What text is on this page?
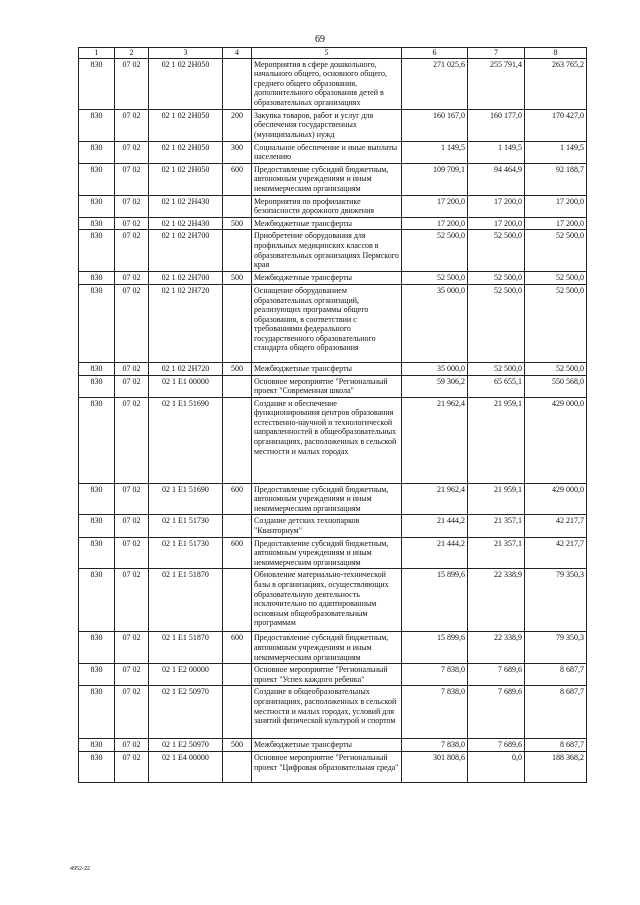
69
1	2	3	4	5	6	7	8
830	07 02	02 1 02 2Н050		Мероприятия в сфере дошкольного, начального общего, основного общего, среднего общего образования, дополнительного образования детей в образовательных организациях	271 025,6	255 791,4	263 765,2
830	07 02	02 1 02 2Н050	200	Закупка товаров, работ и услуг для обеспечения государственных (муниципальных) нужд	160 167,0	160 177,0	170 427,0
830	07 02	02 1 02 2Н050	300	Социальное обеспечение и иные выплаты населению	1 149,5	1 149,5	1 149,5
830	07 02	02 1 02 2Н050	600	Предоставление субсидий бюджетным, автономным учреждениям и иным некоммерческим организациям	109 709,1	94 464,9	92 188,7
830	07 02	02 1 02 2Н430		Мероприятия по профилактике безопасности дорожного движения	17 200,0	17 200,0	17 200,0
830	07 02	02 1 02 2Н430	500	Межбюджетные трансферты	17 200,0	17 200,0	17 200,0
830	07 02	02 1 02 2Н700		Приобретение оборудования для профильных медицинских классов в образовательных организациях Пермского края	52 500,0	52 500,0	52 500,0
830	07 02	02 1 02 2Н700	500	Межбюджетные трансферты	52 500,0	52 500,0	52 500,0
830	07 02	02 1 02 2Н720		Оснащение оборудованием образовательных организаций, реализующих программы общего образования, в соответствии с требованиями федерального государственного образовательного стандарта общего образования	35 000,0	52 500,0	52 500,0
830	07 02	02 1 02 2Н720	500	Межбюджетные трансферты	35 000,0	52 500,0	52 500,0
830	07 02	02 1 Е1 00000		Основное мероприятие "Региональный проект "Современная школа"	59 306,2	65 655,1	550 568,0
830	07 02	02 1 Е1 51690		Создание и обеспечение функционирования центров образования естественно-научной и технологической направленностей в общеобразовательных организациях, расположенных в сельской местности и малых городах	21 962,4	21 959,1	429 000,0
830	07 02	02 1 Е1 51690	600	Предоставление субсидий бюджетным, автономным учреждениям и иным некоммерческим организациям	21 962,4	21 959,1	429 000,0
830	07 02	02 1 Е1 51730		Создание детских технопарков "Кванториум"	21 444,2	21 357,1	42 217,7
830	07 02	02 1 Е1 51730	600	Предоставление субсидий бюджетным, автономным учреждениям и иным некоммерческим организациям	21 444,2	21 357,1	42 217,7
830	07 02	02 1 Е1 51870		Обновление материально-технической базы в организациях, осуществляющих образовательную деятельность исключительно по адаптированным основным общеобразовательным программам	15 899,6	22 338,9	79 350,3
830	07 02	02 1 Е1 51870	600	Предоставление субсидий бюджетным, автономным учреждениям и иным некоммерческим организациям	15 899,6	22 338,9	79 350,3
830	07 02	02 1 Е2 00000		Основное мероприятие "Региональный проект "Успех каждого ребенка"	7 838,0	7 689,6	8 687,7
830	07 02	02 1 Е2 50970		Создание в общеобразовательных организациях, расположенных в сельской местности и малых городах, условий для занятий физической культурой и спортом	7 838,0	7 689,6	8 687,7
830	07 02	02 1 Е2 50970	500	Межбюджетные трансферты	7 838,0	7 689,6	8 687,7
830	07 02	02 1 Е4 00000		Основное мероприятие "Региональный проект "Цифровая образовательная среда"	301 808,6	0,0	188 368,2
4952-22
